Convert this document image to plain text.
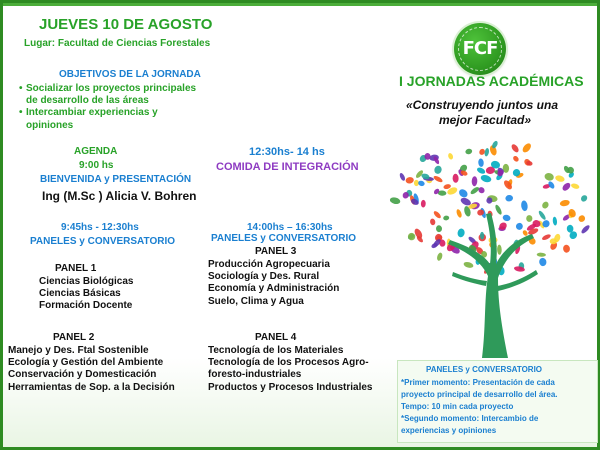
JUEVES 10 DE AGOSTO
Lugar: Facultad de Ciencias Forestales
OBJETIVOS DE LA JORNADA
• Socializar los proyectos principales
de desarrollo de las áreas
• Intercambiar experiencias y
opiniones
AGENDA
9:00 hs
BIENVENIDA y PRESENTACIÓN
Ing (M.Sc ) Alicia V. Bohren
9:45hs - 12:30hs
PANELES y CONVERSATORIO
12:30hs- 14 hs
COMIDA DE INTEGRACIÓN
14:00hs – 16:30hs
PANELES y CONVERSATORIO
PANEL 1
Ciencias Biológicas
Ciencias Básicas
Formación Docente
PANEL 2
Manejo y Des. Ftal Sostenible
Ecología y Gestión del Ambiente
Conservación y Domesticación
Herramientas de Sop. a la Decisión
PANEL 3
Producción Agropecuaria
Sociología y Des. Rural
Economía y Administración
Suelo, Clima y Agua
PANEL 4
Tecnología de los Materiales
Tecnología de los Procesos Agro-
foresto-industriales
Productos y Procesos Industriales
FCF
I JORNADAS ACADÉMICAS
«Construyendo juntos una
mejor Facultad»
PANELES y CONVERSATORIO
*Primer momento: Presentación de cada
proyecto principal de desarrollo del área.
Tempo: 10 min cada proyecto
*Segundo momento: Intercambio de
experiencias y opiniones
